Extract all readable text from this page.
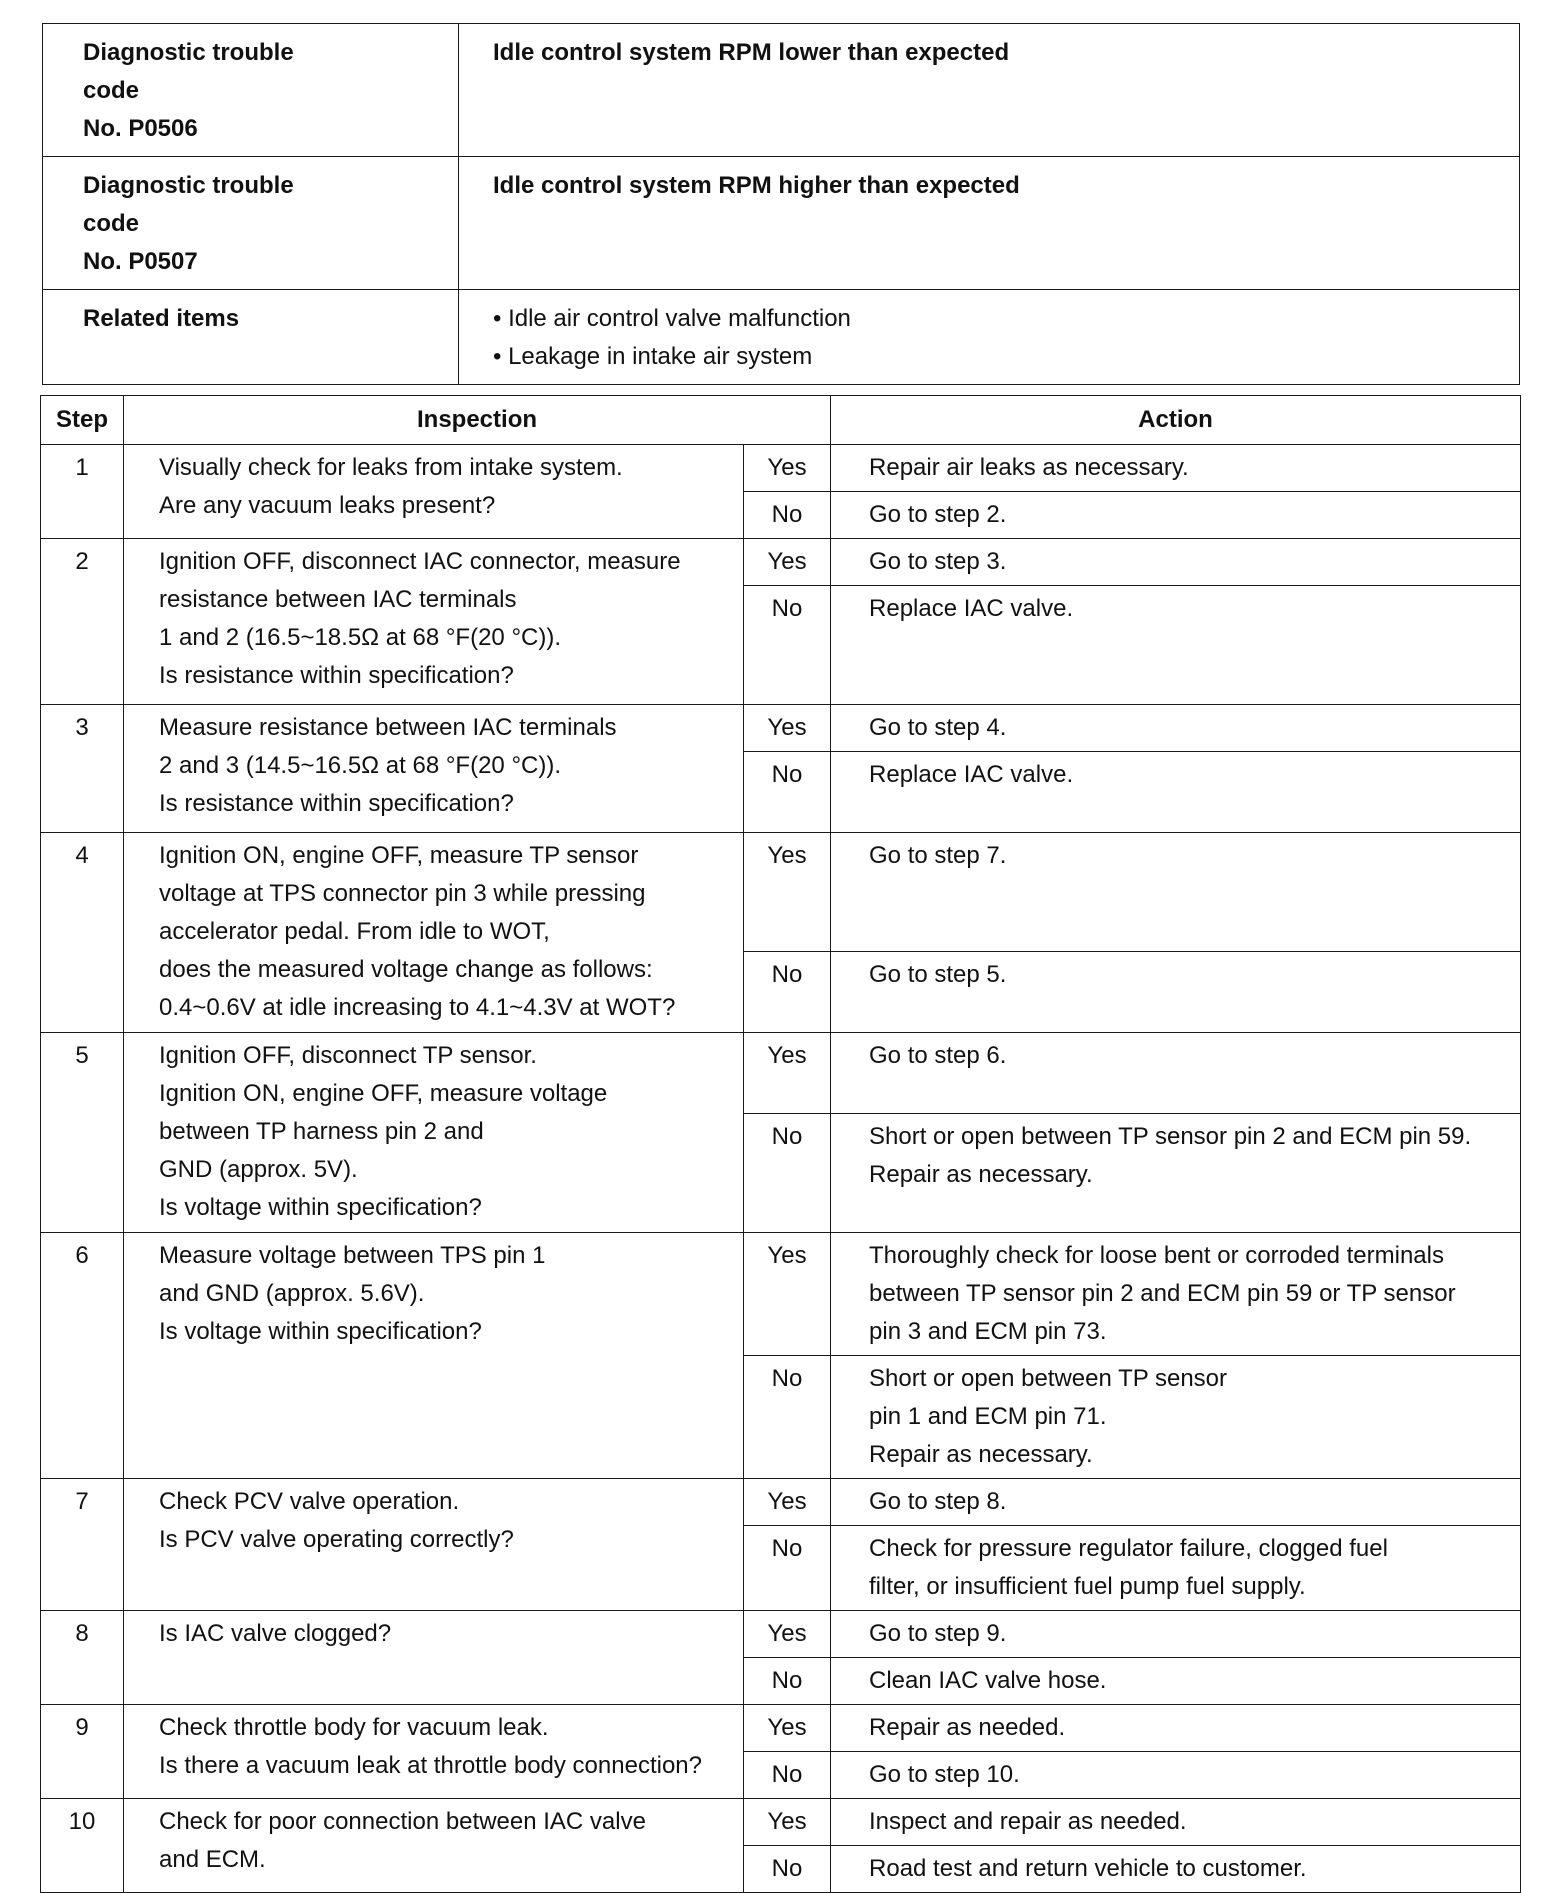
Diagnostic trouble
code
No. P0506	Idle control system RPM lower than expected

Diagnostic trouble
code
No. P0507	Idle control system RPM higher than expected
Related items	• Idle air control valve malfunction
• Leakage in intake air system
Step	Inspection		Action
1	Visually check for leaks from intake system.
Are any vacuum leaks present?	Yes	Repair air leaks as necessary.

		No	Go to step 2.

2	Ignition OFF, disconnect IAC connector, measure
resistance between IAC terminals
1 and 2 (16.5~18.5Ω at 68 °F(20 °C)).
Is resistance within specification?	Yes	Go to step 3.

		No	Replace IAC valve.

3	Measure resistance between IAC terminals
2 and 3 (14.5~16.5Ω at 68 °F(20 °C)).
Is resistance within specification?	Yes	Go to step 4.

		No	Replace IAC valve.

4	Ignition ON, engine OFF, measure TP sensor
voltage at TPS connector pin 3 while pressing
accelerator pedal. From idle to WOT,
does the measured voltage change as follows:
0.4~0.6V at idle increasing to 4.1~4.3V at WOT?	Yes	Go to step 7.

		No	Go to step 5.

5	Ignition OFF, disconnect TP sensor.
Ignition ON, engine OFF, measure voltage
between TP harness pin 2 and
GND (approx. 5V).
Is voltage within specification?	Yes	Go to step 6.

		No	Short or open between TP sensor pin 2 and ECM pin 59.
Repair as necessary.

6	Measure voltage between TPS pin 1
and GND (approx. 5.6V).
Is voltage within specification?	Yes	Thoroughly check for loose bent or corroded terminals
between TP sensor pin 2 and ECM pin 59 or TP sensor
pin 3 and ECM pin 73.

		No	Short or open between TP sensor
pin 1 and ECM pin 71.
Repair as necessary.

7	Check PCV valve operation.
Is PCV valve operating correctly?	Yes	Go to step 8.

		No	Check for pressure regulator failure, clogged fuel
filter, or insufficient fuel pump fuel supply.

8	Is IAC valve clogged?	Yes	Go to step 9.

		No	Clean IAC valve hose.

9	Check throttle body for vacuum leak.
Is there a vacuum leak at throttle body connection?	Yes	Repair as needed.

		No	Go to step 10.

10	Check for poor connection between IAC valve
and ECM.	Yes	Inspect and repair as needed.

		No	Road test and return vehicle to customer.
